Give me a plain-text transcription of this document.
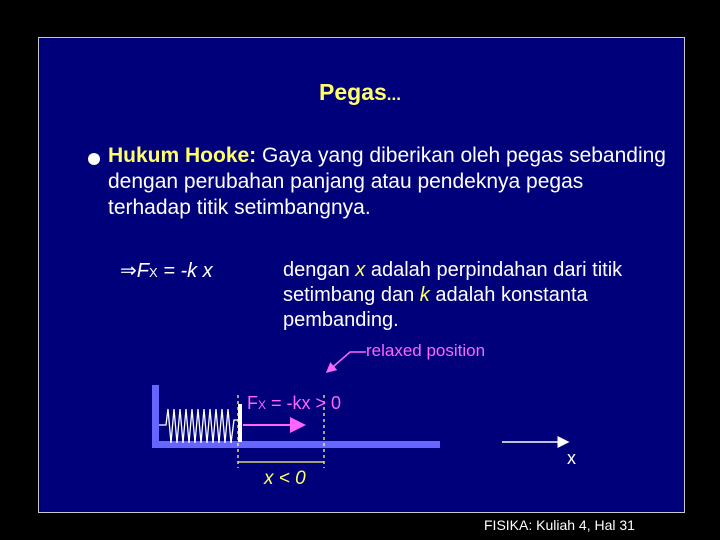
Pegas...
Hukum Hooke: Gaya yang diberikan oleh pegas sebanding dengan perubahan panjang atau pendeknya pegas terhadap titik setimbangnya.
⇒FX = -k x	dengan x adalah perpindahan dari titik setimbang dan k adalah konstanta pembanding.
relaxed position
FX = -kx > 0
x < 0
x
FISIKA: Kuliah 4, Hal 31
